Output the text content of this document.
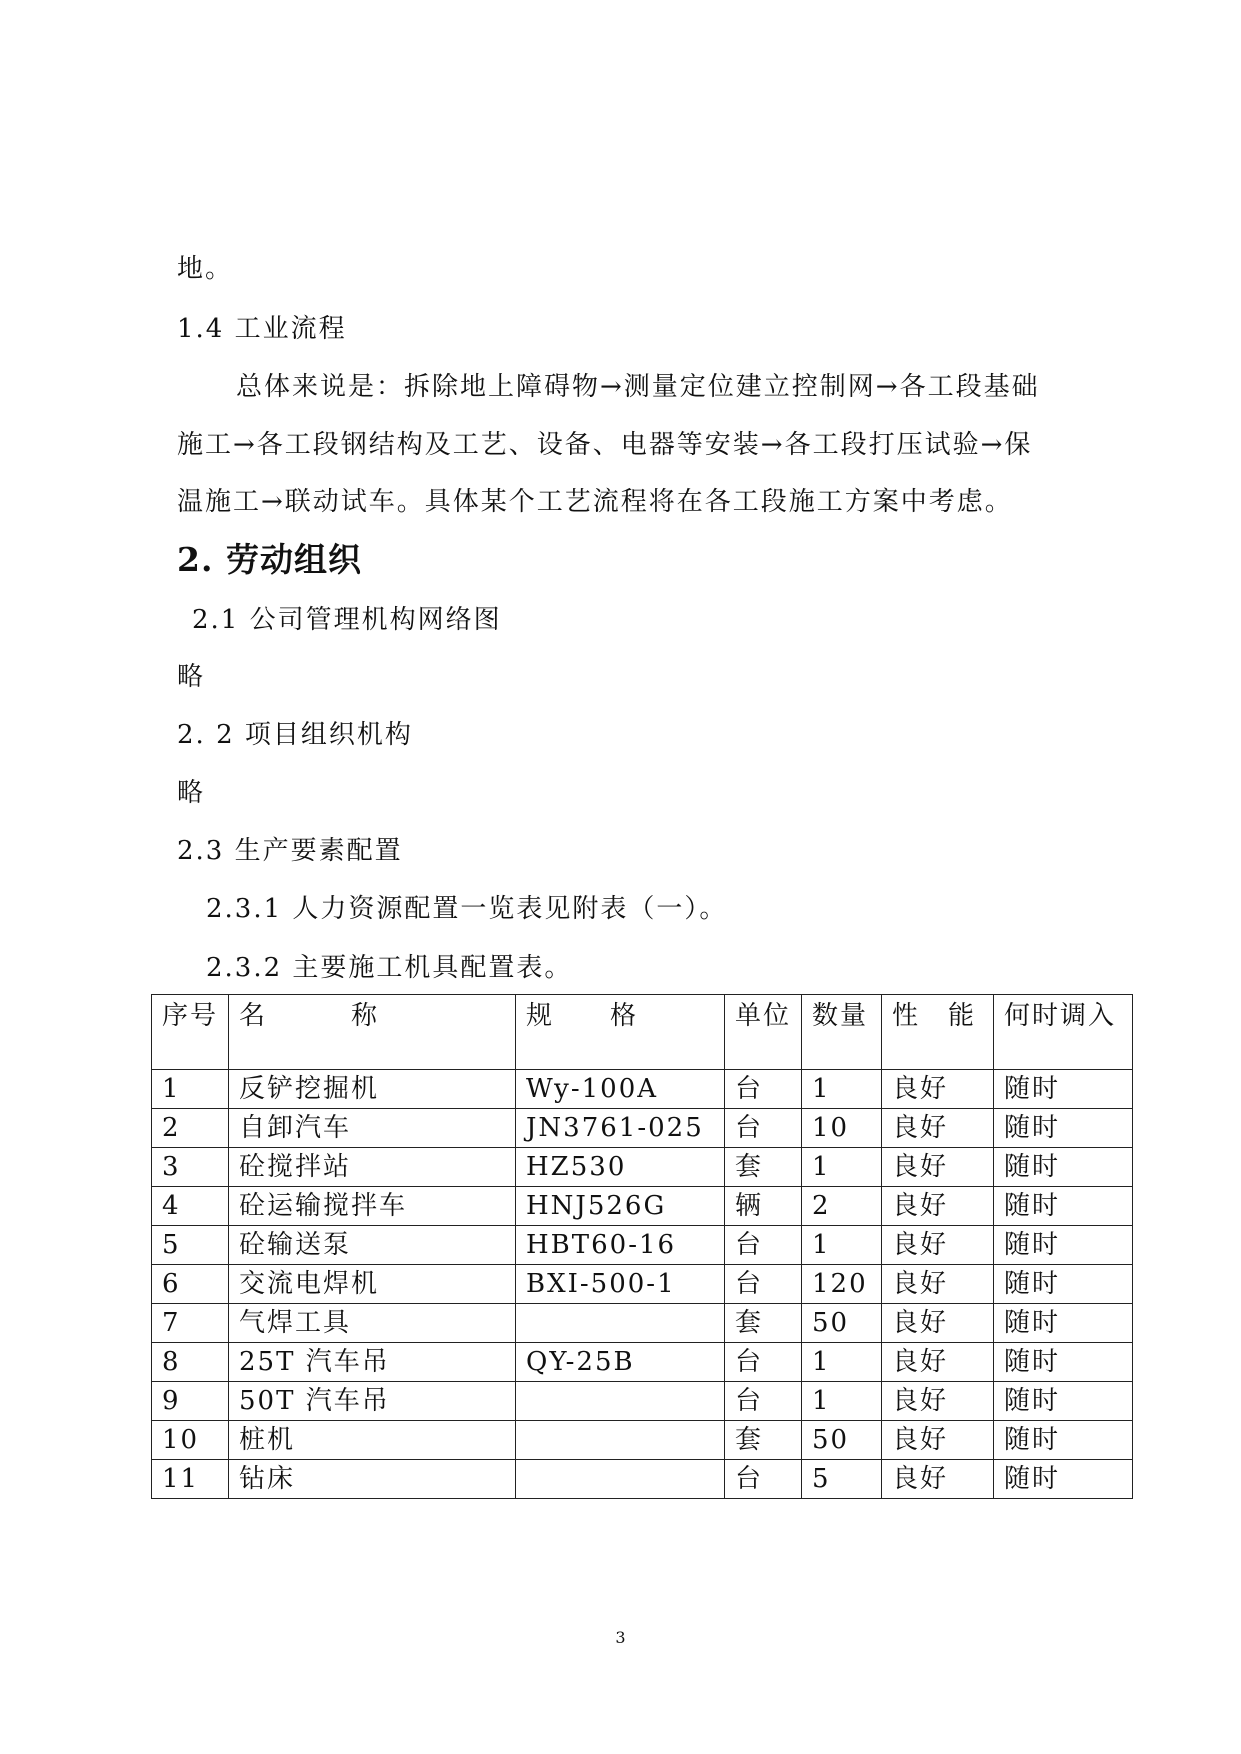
地。
1.4 工业流程
总体来说是：拆除地上障碍物→测量定位建立控制网→各工段基础
施工→各工段钢结构及工艺、设备、电器等安装→各工段打压试验→保
温施工→联动试车。具体某个工艺流程将在各工段施工方案中考虑。
2. 劳动组织
2.1 公司管理机构网络图
略
2. 2 项目组织机构
略
2.3 生产要素配置
2.3.1 人力资源配置一览表见附表（一）。
2.3.2 主要施工机具配置表。
序号	名　　　称	规　　格	单位	数量	性　能	何时调入
1	反铲挖掘机	Wy-100A	台	1	良好	随时
2	自卸汽车	JN3761-025	台	10	良好	随时
3	砼搅拌站	HZ530	套	1	良好	随时
4	砼运输搅拌车	HNJ526G	辆	2	良好	随时
5	砼输送泵	HBT60-16	台	1	良好	随时
6	交流电焊机	BXI-500-1	台	120	良好	随时
7	气焊工具		套	50	良好	随时
8	25T 汽车吊	QY-25B	台	1	良好	随时
9	50T 汽车吊		台	1	良好	随时
10	桩机		套	50	良好	随时
11	钻床		台	5	良好	随时
3
